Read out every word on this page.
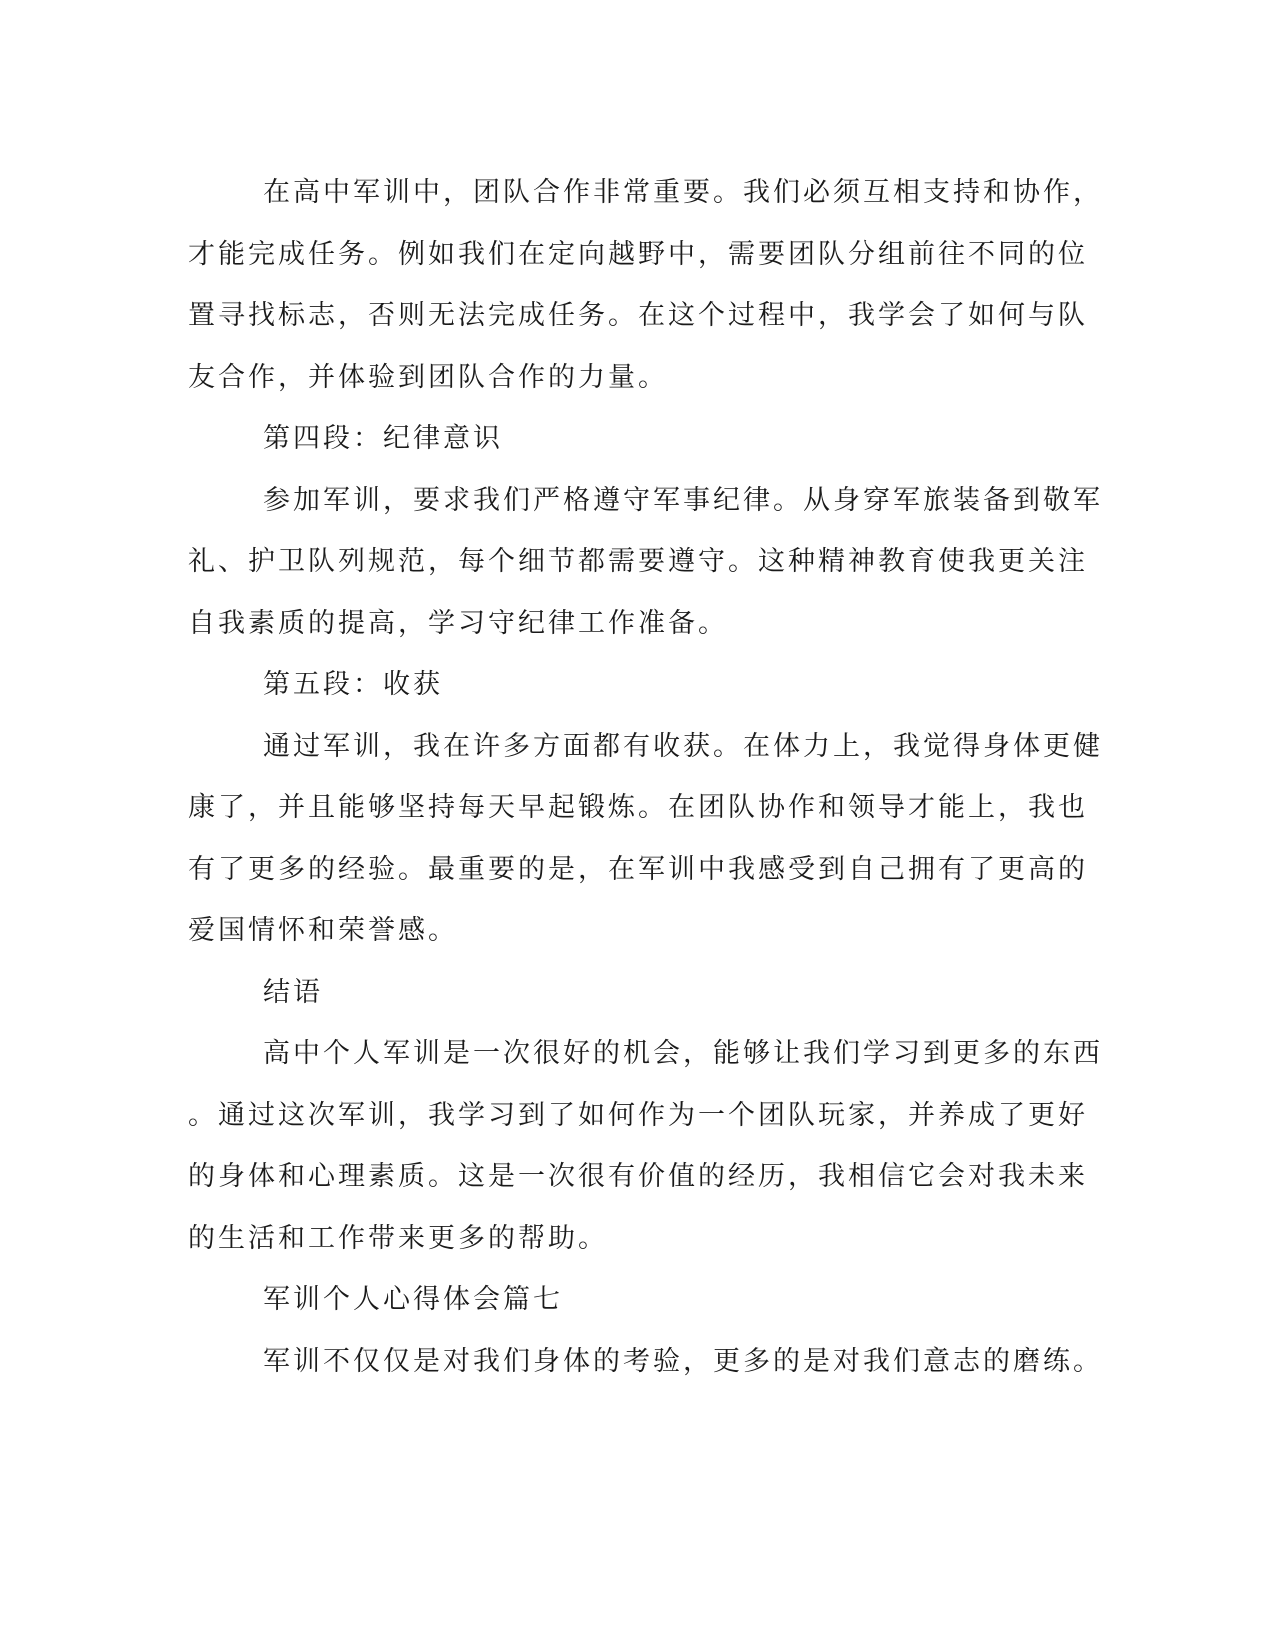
在高中军训中，团队合作非常重要。我们必须互相支持和协作，
才能完成任务。例如我们在定向越野中，需要团队分组前往不同的位
置寻找标志，否则无法完成任务。在这个过程中，我学会了如何与队
友合作，并体验到团队合作的力量。
第四段：纪律意识
参加军训，要求我们严格遵守军事纪律。从身穿军旅装备到敬军
礼、护卫队列规范，每个细节都需要遵守。这种精神教育使我更关注
自我素质的提高，学习守纪律工作准备。
第五段：收获
通过军训，我在许多方面都有收获。在体力上，我觉得身体更健
康了，并且能够坚持每天早起锻炼。在团队协作和领导才能上，我也
有了更多的经验。最重要的是，在军训中我感受到自己拥有了更高的
爱国情怀和荣誉感。
结语
高中个人军训是一次很好的机会，能够让我们学习到更多的东西
。通过这次军训，我学习到了如何作为一个团队玩家，并养成了更好
的身体和心理素质。这是一次很有价值的经历，我相信它会对我未来
的生活和工作带来更多的帮助。
军训个人心得体会篇七
军训不仅仅是对我们身体的考验，更多的是对我们意志的磨练。
